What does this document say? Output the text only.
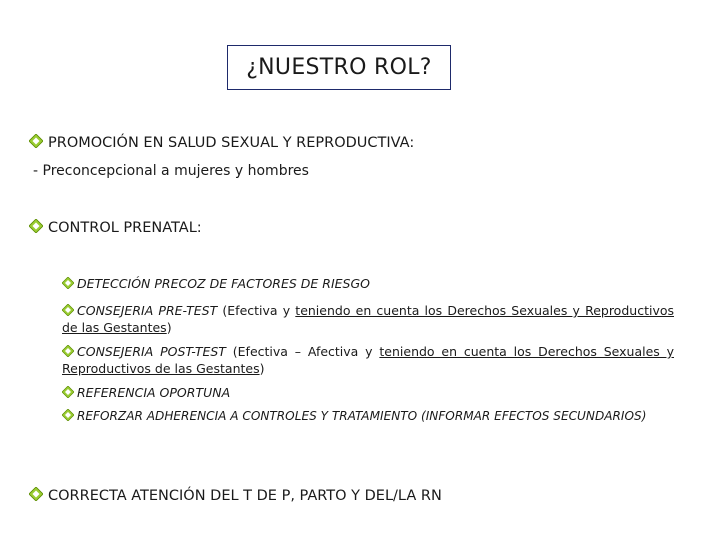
¿NUESTRO ROL?
PROMOCIÓN EN SALUD SEXUAL Y REPRODUCTIVA:
- Preconcepcional a mujeres y hombres
CONTROL PRENATAL:
DETECCIÓN PRECOZ DE FACTORES DE RIESGO
CONSEJERIA PRE-TEST (Efectiva y teniendo en cuenta los Derechos Sexuales y Reproductivos de las Gestantes)
CONSEJERIA POST-TEST (Efectiva – Afectiva y teniendo en cuenta los Derechos Sexuales y Reproductivos de las Gestantes)
REFERENCIA OPORTUNA
REFORZAR ADHERENCIA A CONTROLES Y TRATAMIENTO (INFORMAR EFECTOS SECUNDARIOS)
CORRECTA ATENCIÓN DEL T DE P, PARTO Y DEL/LA RN
